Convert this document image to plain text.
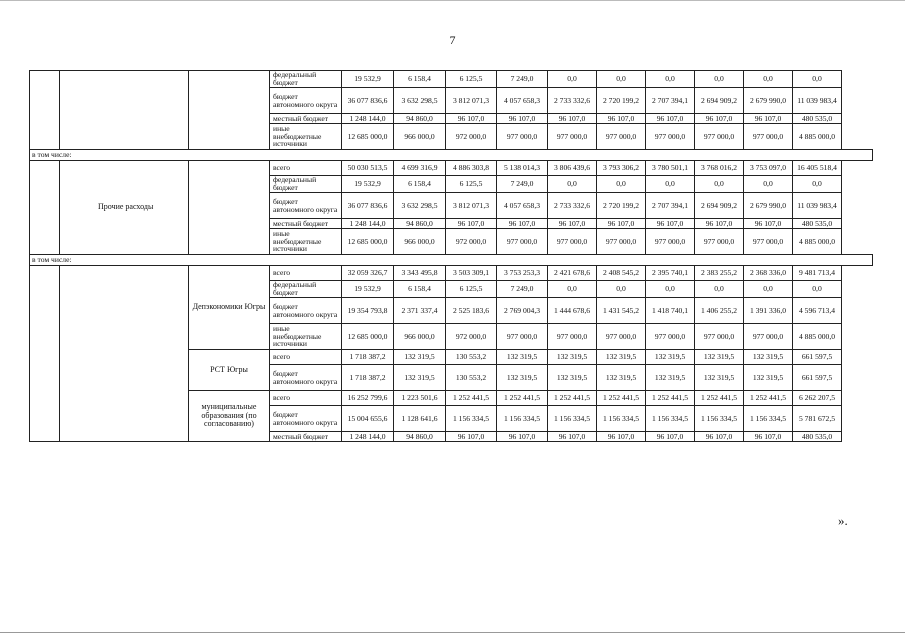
7
			федеральный бюджет	19 532,9	6 158,4	6 125,5	7 249,0	0,0	0,0	0,0	0,0	0,0	0,0
			бюджет автономного округа	36 077 836,6	3 632 298,5	3 812 071,3	4 057 658,3	2 733 332,6	2 720 199,2	2 707 394,1	2 694 909,2	2 679 990,0	11 039 983,4
			местный бюджет	1 248 144,0	94 860,0	96 107,0	96 107,0	96 107,0	96 107,0	96 107,0	96 107,0	96 107,0	480 535,0
			иные внебюджетные источники	12 685 000,0	966 000,0	972 000,0	977 000,0	977 000,0	977 000,0	977 000,0	977 000,0	977 000,0	4 885 000,0
в том числе:													
	Прочие расходы		всего	50 030 513,5	4 699 316,9	4 886 303,8	5 138 014,3	3 806 439,6	3 793 306,2	3 780 501,1	3 768 016,2	3 753 097,0	16 405 518,4
			федеральный бюджет	19 532,9	6 158,4	6 125,5	7 249,0	0,0	0,0	0,0	0,0	0,0	0,0
			бюджет автономного округа	36 077 836,6	3 632 298,5	3 812 071,3	4 057 658,3	2 733 332,6	2 720 199,2	2 707 394,1	2 694 909,2	2 679 990,0	11 039 983,4
			местный бюджет	1 248 144,0	94 860,0	96 107,0	96 107,0	96 107,0	96 107,0	96 107,0	96 107,0	96 107,0	480 535,0
			иные внебюджетные источники	12 685 000,0	966 000,0	972 000,0	977 000,0	977 000,0	977 000,0	977 000,0	977 000,0	977 000,0	4 885 000,0
в том числе:													
		Депэкономики Югры	всего	32 059 326,7	3 343 495,8	3 503 309,1	3 753 253,3	2 421 678,6	2 408 545,2	2 395 740,1	2 383 255,2	2 368 336,0	9 481 713,4
			федеральный бюджет	19 532,9	6 158,4	6 125,5	7 249,0	0,0	0,0	0,0	0,0	0,0	0,0
			бюджет автономного округа	19 354 793,8	2 371 337,4	2 525 183,6	2 769 004,3	1 444 678,6	1 431 545,2	1 418 740,1	1 406 255,2	1 391 336,0	4 596 713,4
			иные внебюджетные источники	12 685 000,0	966 000,0	972 000,0	977 000,0	977 000,0	977 000,0	977 000,0	977 000,0	977 000,0	4 885 000,0
		РСТ Югры	всего	1 718 387,2	132 319,5	130 553,2	132 319,5	132 319,5	132 319,5	132 319,5	132 319,5	132 319,5	661 597,5
			бюджет автономного округа	1 718 387,2	132 319,5	130 553,2	132 319,5	132 319,5	132 319,5	132 319,5	132 319,5	132 319,5	661 597,5
		муниципальные образования (по согласованию)	всего	16 252 799,6	1 223 501,6	1 252 441,5	1 252 441,5	1 252 441,5	1 252 441,5	1 252 441,5	1 252 441,5	1 252 441,5	6 262 207,5
			бюджет автономного округа	15 004 655,6	1 128 641,6	1 156 334,5	1 156 334,5	1 156 334,5	1 156 334,5	1 156 334,5	1 156 334,5	1 156 334,5	5 781 672,5
			местный бюджет	1 248 144,0	94 860,0	96 107,0	96 107,0	96 107,0	96 107,0	96 107,0	96 107,0	96 107,0	480 535,0
».
